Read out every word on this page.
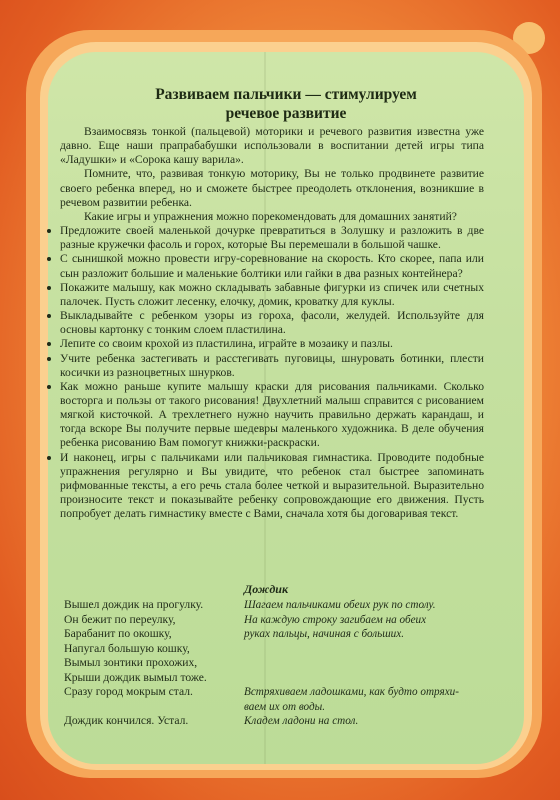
Развиваем пальчики — стимулируем
речевое развитие

Взаимосвязь тонкой (пальцевой) моторики и речевого развития известна уже давно. Еще наши прапрабабушки использовали в воспитании детей игры типа «Ладушки» и «Сорока кашу варила».

Помните, что, развивая тонкую моторику, Вы не только продвинете развитие своего ребенка вперед, но и сможете быстрее преодолеть отклонения, возникшие в речевом развитии ребенка.

Какие игры и упражнения можно порекомендовать для домашних занятий?

Предложите своей маленькой дочурке превратиться в Золушку и разложить в две разные кружечки фасоль и горох, которые Вы перемешали в большой чашке.
С сынишкой можно провести игру-соревнование на скорость. Кто скорее, папа или сын разложит большие и маленькие болтики или гайки в два разных контейнера?
Покажите малышу, как можно складывать забавные фигурки из спичек или счетных палочек. Пусть сложит лесенку, елочку, домик, кроватку для куклы.
Выкладывайте с ребенком узоры из гороха, фасоли, желудей. Используйте для основы картонку с тонким слоем пластилина.
Лепите со своим крохой из пластилина, играйте в мозаику и пазлы.
Учите ребенка застегивать и расстегивать пуговицы, шнуровать ботинки, плести косички из разноцветных шнурков.
Как можно раньше купите малышу краски для рисования пальчиками. Сколько восторга и пользы от такого рисования! Двухлетний малыш справится с рисованием мягкой кисточкой. А трехлетнего нужно научить правильно держать карандаш, и тогда вскоре Вы получите первые шедевры маленького художника. В деле обучения ребенка рисованию Вам помогут книжки-раскраски.
И наконец, игры с пальчиками или пальчиковая гимнастика. Проводите подобные упражнения регулярно и Вы увидите, что ребенок стал быстрее запоминать рифмованные тексты, а его речь стала более четкой и выразительной. Выразительно произносите текст и показывайте ребенку сопровождающие его движения. Пусть попробует делать гимнастику вместе с Вами, сначала хотя бы договаривая текст.
Дождик
Вышел дождик на прогулку.
Он бежит по переулку,
Барабанит по окошку,
Напугал большую кошку,
Вымыл зонтики прохожих,
Крыши дождик вымыл тоже.
Сразу город мокрым стал.
Дождик кончился. Устал.
Шагаем пальчиками обеих рук по столу.
На каждую строку загибаем на обеих
руках пальцы, начиная с больших.
Встряхиваем ладошками, как будто отряхи-
ваем их от воды.
Кладем ладони на стол.
